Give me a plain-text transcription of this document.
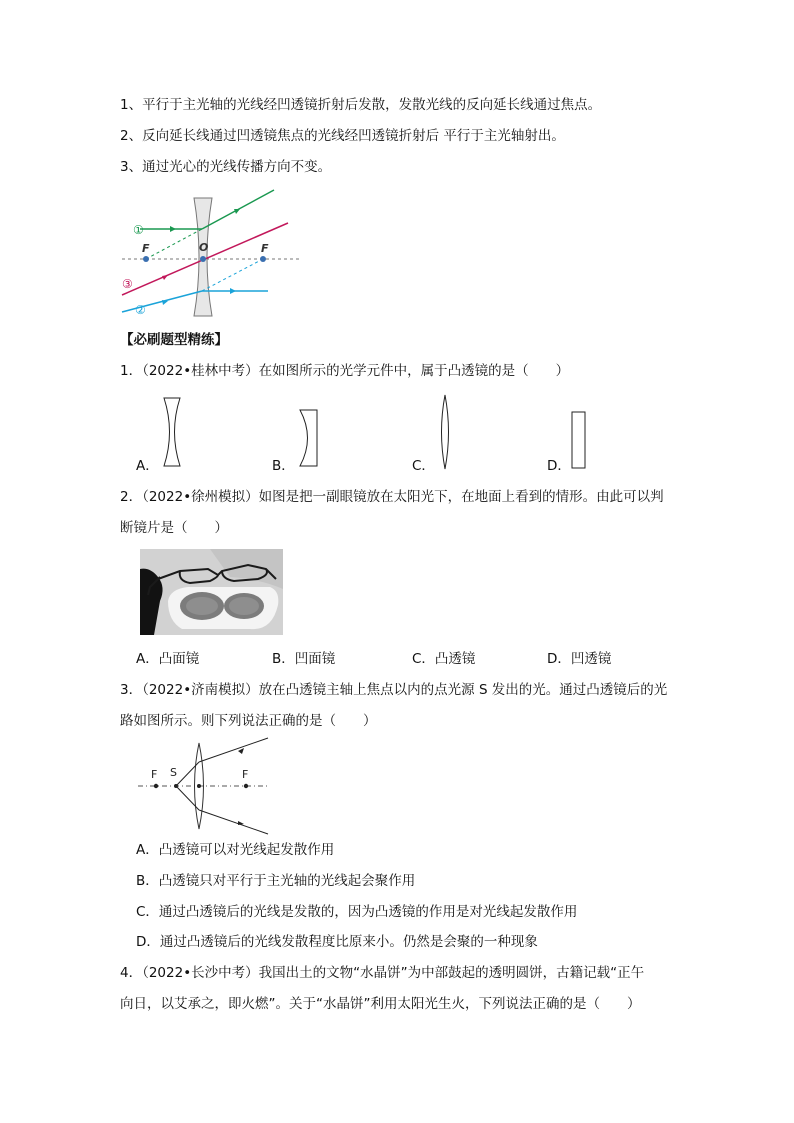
1、平行于主光轴的光线经凹透镜折射后发散，发散光线的反向延长线通过焦点。
2、反向延长线通过凹透镜焦点的光线经凹透镜折射后 平行于主光轴射出。
3、通过光心的光线传播方向不变。
F	O	F
①
③
②
【必刷题型精练】
1．（2022•桂林中考）在如图所示的光学元件中，属于凸透镜的是（　　）
A．	B．	C．	D．
2．（2022•徐州模拟）如图是把一副眼镜放在太阳光下，在地面上看到的情形。由此可以判
断镜片是（　　）
A．凸面镜	B．凹面镜	C．凸透镜	D．凹透镜
3．（2022•济南模拟）放在凸透镜主轴上焦点以内的点光源 S 发出的光。通过凸透镜后的光
路如图所示。则下列说法正确的是（　　）
F S	F
A．凸透镜可以对光线起发散作用
B．凸透镜只对平行于主光轴的光线起会聚作用
C．通过凸透镜后的光线是发散的，因为凸透镜的作用是对光线起发散作用
D．通过凸透镜后的光线发散程度比原来小。仍然是会聚的一种现象
4．（2022•长沙中考）我国出土的文物“水晶饼”为中部鼓起的透明圆饼，古籍记载“正午
向日，以艾承之，即火燃”。关于“水晶饼”利用太阳光生火，下列说法正确的是（　　）
